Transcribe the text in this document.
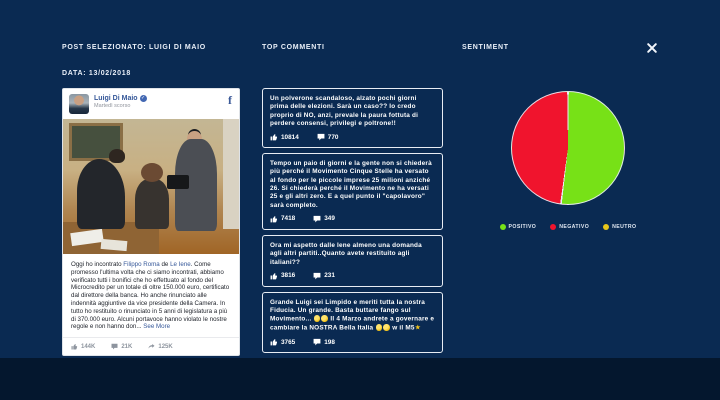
POST SELEZIONATO: LUIGI DI MAIO
DATA: 13/02/2018
Luigi Di Maio ✓
Martedì scorso	f
Oggi ho incontrato Filippo Roma de Le Iene. Come promesso l'ultima volta che ci siamo incontrati, abbiamo verificato tutti i bonifici che ho effettuato al fondo del Microcredito per un totale di oltre 150.000 euro, certificato dal direttore della banca. Ho anche rinunciato alle indennità aggiuntive da vice presidente della Camera. In tutto ho restituito o rinunciato in 5 anni di legislatura a più di 370.000 euro. Alcuni portavoce hanno violato le nostre regole e non hanno don... See More
144K	21K	125K
TOP COMMENTI
Un polverone scandaloso, alzato pochi giorni prima delle elezioni. Sarà un caso?? Io credo proprio di NO, anzi, prevale la paura fottuta di perdere consensi, privilegi e poltrone!!
10814	770
Tempo un paio di giorni e la gente non si chiederà più perché il Movimento Cinque Stelle ha versato al fondo per le piccole imprese 25 milioni anziché 26. Si chiederà perché il Movimento ne ha versati 25 e gli altri zero. E a quel punto il "capolavoro" sarà completo.
7418	349
Ora mi aspetto dalle Iene almeno una domanda agli altri partiti..Quanto avete restituito agli italiani??
3816	231
Grande Luigi sei Limpido e meriti tutta la nostra Fiducia. Un grande. Basta buttare fango sul Movimento...  Il 4 Marzo andrete a governare e cambiare la NOSTRA Bella Italia  w il M5★
3765	198
SENTIMENT
POSITIVO	NEGATIVO	NEUTRO
